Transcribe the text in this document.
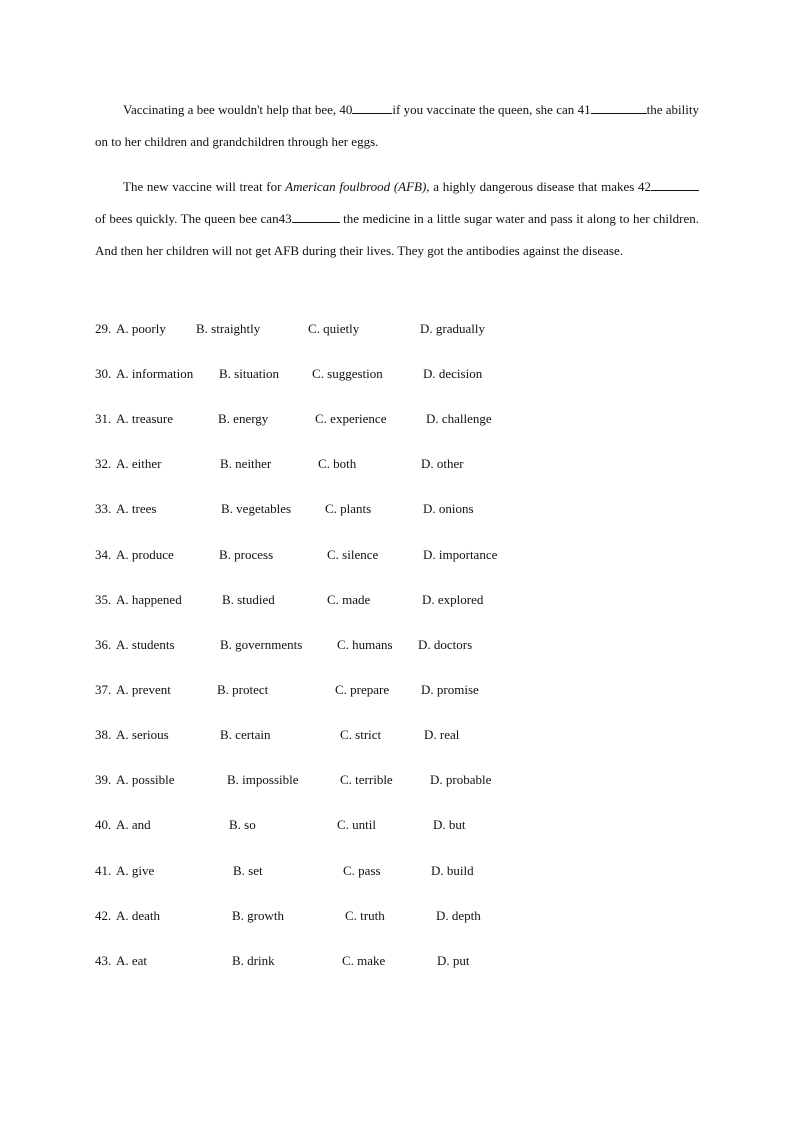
Vaccinating a bee wouldn't help that bee, 40	if you vaccinate the queen, she can 41	the ability on to her children and grandchildren through her eggs.

The new vaccine will treat for American foulbrood (AFB), a highly dangerous disease that makes 42 of bees quickly. The queen bee can43	the medicine in a little sugar water and pass it along to her children. And then her children will not get AFB during their lives. They got the antibodies against the disease.

29. A. poorly B. straightly	C. quietly	D. gradually
30. A. information B. situation	C. suggestion	D. decision
31. A. treasure	B. energy	C. experience	D. challenge
32. A. either	B. neither	C. both	D. other
33. A. trees	B. vegetables	C. plants	D. onions
34. A. produce	B. process	C. silence	D. importance
35. A. happened	B. studied	C. made	D. explored
36. A. students	B. governments	C. humans D. doctors
37. A. prevent	B. protect	C. prepare D. promise
38. A. serious	B. certain	C. strict	D. real
39. A. possible	B. impossible	C. terrible	D. probable
40. A. and	B. so	C. until	D. but
41. A. give	B. set	C. pass	D. build
42. A. death	B. growth	C. truth	D. depth
43. A. eat	B. drink	C. make	D. put
